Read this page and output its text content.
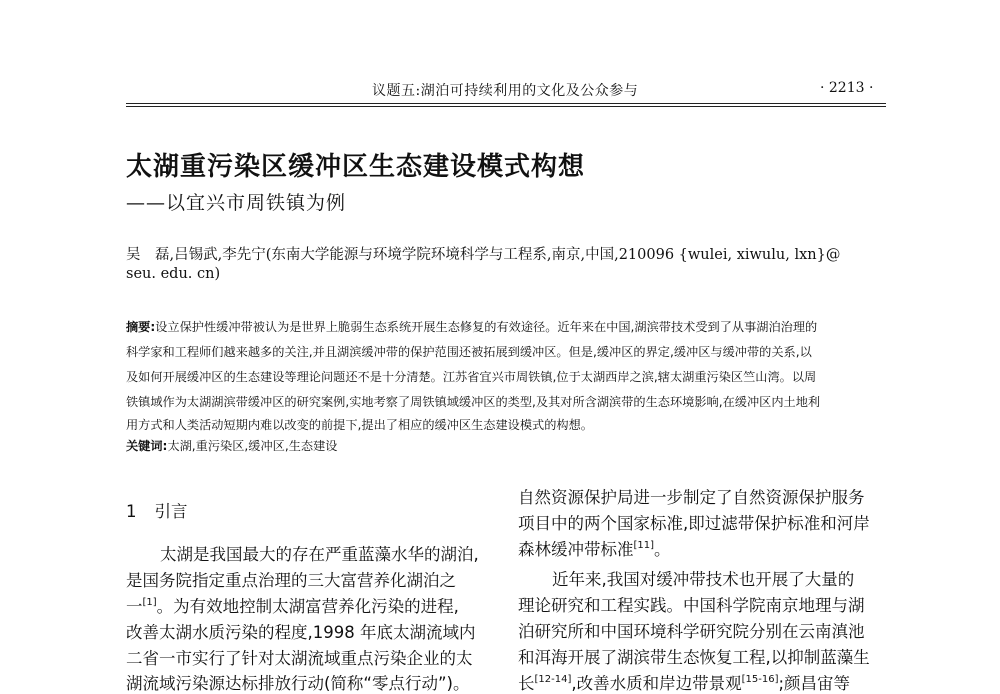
议题五:湖泊可持续利用的文化及公众参与	· 2213 ·
太湖重污染区缓冲区生态建设模式构想
——以宜兴市周铁镇为例
吴　磊,吕锡武,李先宁(东南大学能源与环境学院环境科学与工程系,南京,中国,210096 {wulei, xiwulu, lxn}@
seu. edu. cn)
摘要:设立保护性缓冲带被认为是世界上脆弱生态系统开展生态修复的有效途径。近年来在中国,湖滨带技术受到了从事湖泊治理的
科学家和工程师们越来越多的关注,并且湖滨缓冲带的保护范围还被拓展到缓冲区。但是,缓冲区的界定,缓冲区与缓冲带的关系,以
及如何开展缓冲区的生态建设等理论问题还不是十分清楚。江苏省宜兴市周铁镇,位于太湖西岸之滨,辖太湖重污染区竺山湾。以周
铁镇域作为太湖湖滨带缓冲区的研究案例,实地考察了周铁镇域缓冲区的类型,及其对所含湖滨带的生态环境影响,在缓冲区内土地利
用方式和人类活动短期内难以改变的前提下,提出了相应的缓冲区生态建设模式的构想。
关键词:太湖,重污染区,缓冲区,生态建设
1 引言
太湖是我国最大的存在严重蓝藻水华的湖泊,
是国务院指定重点治理的三大富营养化湖泊之
一[1]。为有效地控制太湖富营养化污染的进程,
改善太湖水质污染的程度,1998 年底太湖流域内
二省一市实行了针对太湖流域重点污染企业的太
湖流域污染源达标排放行动(简称“零点行动”)。
自然资源保护局进一步制定了自然资源保护服务
项目中的两个国家标准,即过滤带保护标准和河岸
森林缓冲带标准[11]。
近年来,我国对缓冲带技术也开展了大量的
理论研究和工程实践。中国科学院南京地理与湖
泊研究所和中国环境科学研究院分别在云南滇池
和洱海开展了湖滨带生态恢复工程,以抑制蓝藻生
长[12-14],改善水质和岸边带景观[15-16];颜昌宙等
